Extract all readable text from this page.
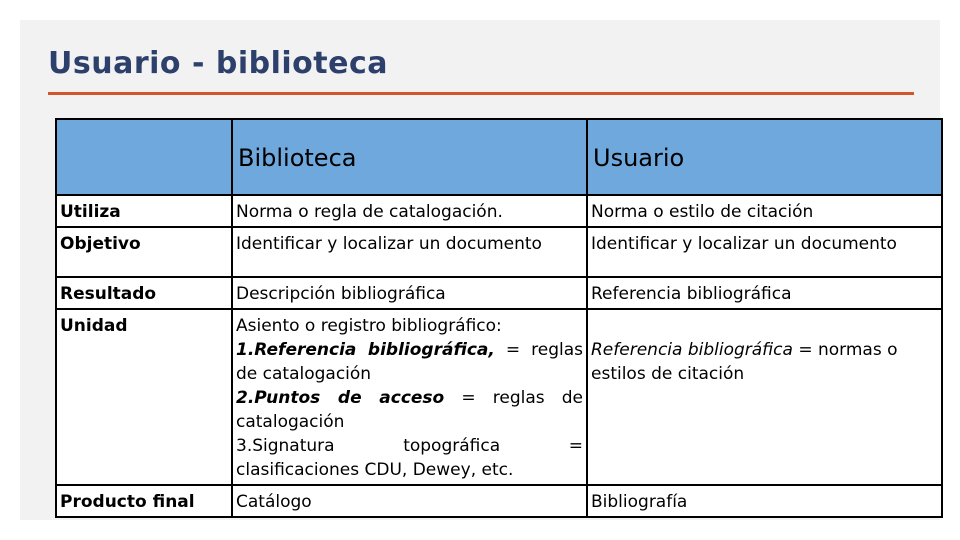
Usuario - biblioteca
	Biblioteca	Usuario
Utiliza	Norma o regla de catalogación.	Norma o estilo de citación
Objetivo	Identificar y localizar un documento	Identificar y localizar un documento
Resultado	Descripción bibliográfica	Referencia bibliográfica
Unidad	Asiento o registro bibliográfico:
1.Referencia bibliográfica, = reglas de catalogación
2.Puntos de acceso = reglas de catalogación
3.Signatura topográfica = clasificaciones CDU, Dewey, etc.	Referencia bibliográfica = normas o estilos de citación
Producto final	Catálogo	Bibliografía
